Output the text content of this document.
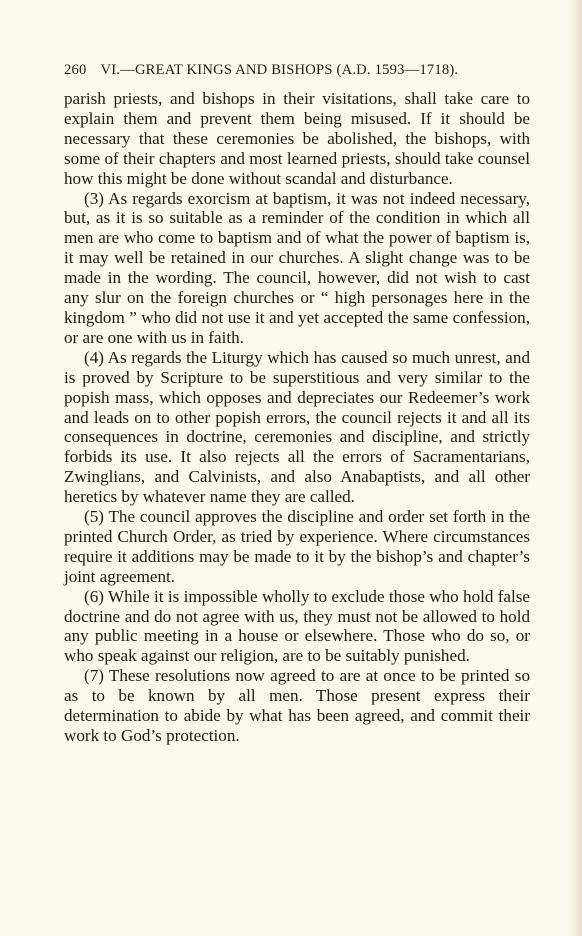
260 VI.—GREAT KINGS AND BISHOPS (A.D. 1593—1718).

parish priests, and bishops in their visitations, shall take care to explain them and prevent them being misused. If it should be necessary that these ceremonies be abolished, the bishops, with some of their chapters and most learned priests, should take counsel how this might be done without scandal and disturbance.

(3) As regards exorcism at baptism, it was not indeed necessary, but, as it is so suitable as a reminder of the condition in which all men are who come to baptism and of what the power of baptism is, it may well be retained in our churches. A slight change was to be made in the wording. The council, however, did not wish to cast any slur on the foreign churches or “ high personages here in the kingdom ” who did not use it and yet accepted the same confession, or are one with us in faith.

(4) As regards the Liturgy which has caused so much unrest, and is proved by Scripture to be superstitious and very similar to the popish mass, which opposes and depreciates our Redeemer’s work and leads on to other popish errors, the council rejects it and all its consequences in doctrine, ceremonies and discipline, and strictly forbids its use. It also rejects all the errors of Sacramentarians, Zwinglians, and Calvinists, and also Anabaptists, and all other heretics by whatever name they are called.

(5) The council approves the discipline and order set forth in the printed Church Order, as tried by experience. Where circumstances require it additions may be made to it by the bishop’s and chapter’s joint agreement.

(6) While it is impossible wholly to exclude those who hold false doctrine and do not agree with us, they must not be allowed to hold any public meeting in a house or elsewhere. Those who do so, or who speak against our religion, are to be suitably punished.

(7) These resolutions now agreed to are at once to be printed so as to be known by all men. Those present express their determination to abide by what has been agreed, and commit their work to God’s protection.
